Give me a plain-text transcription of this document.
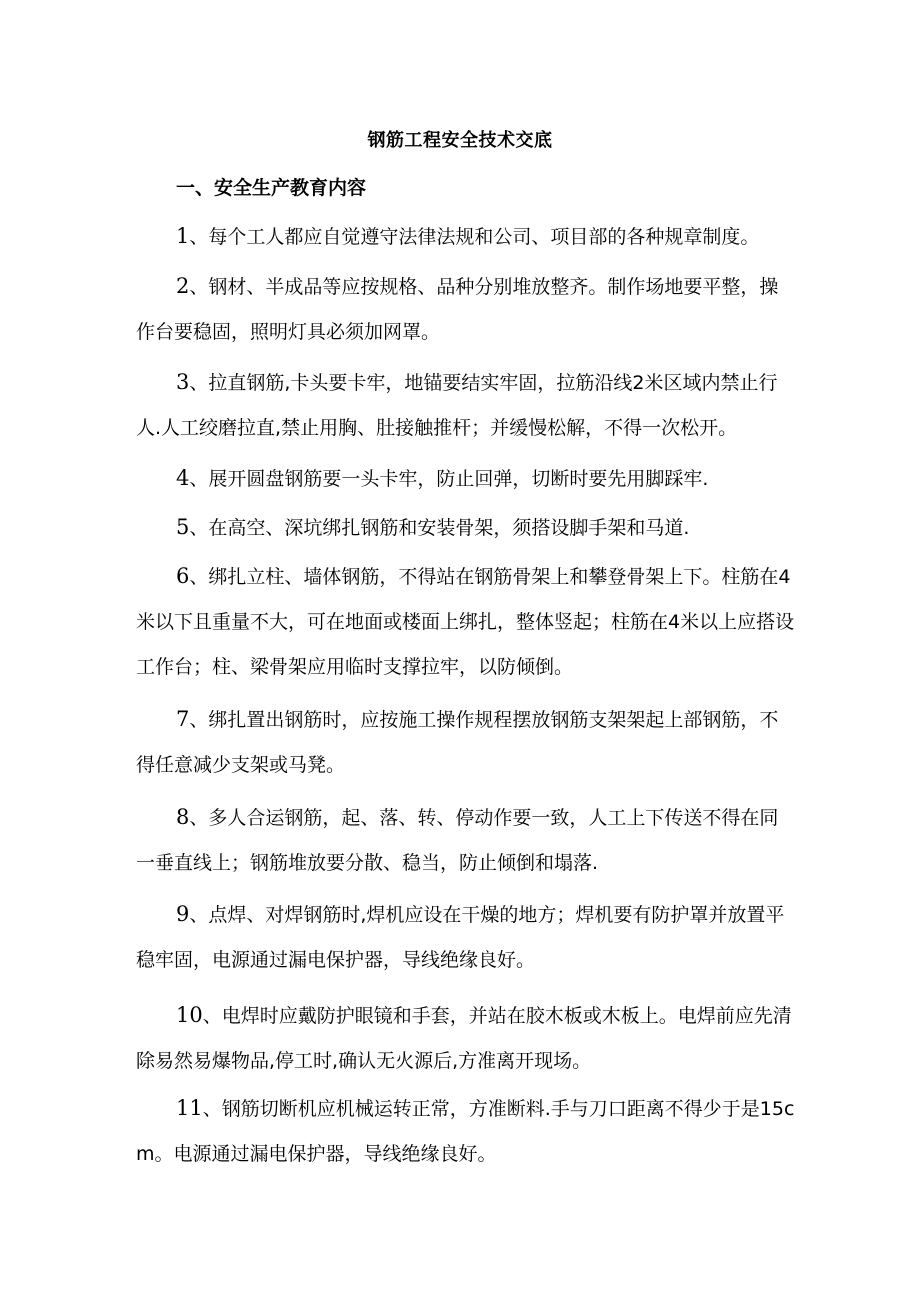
钢筋工程安全技术交底
一、安全生产教育内容
1、每个工人都应自觉遵守法律法规和公司、项目部的各种规章制度。
2、钢材、半成品等应按规格、品种分别堆放整齐。制作场地要平整，操作台要稳固，照明灯具必须加网罩。
3、拉直钢筋,卡头要卡牢，地锚要结实牢固，拉筋沿线2米区域内禁止行人.人工绞磨拉直,禁止用胸、肚接触推杆；并缓慢松解，不得一次松开。
4、展开圆盘钢筋要一头卡牢，防止回弹，切断时要先用脚踩牢.
5、在高空、深坑绑扎钢筋和安装骨架，须搭设脚手架和马道.
6、绑扎立柱、墙体钢筋，不得站在钢筋骨架上和攀登骨架上下。柱筋在4米以下且重量不大，可在地面或楼面上绑扎，整体竖起；柱筋在4米以上应搭设工作台；柱、梁骨架应用临时支撑拉牢，以防倾倒。
7、绑扎置出钢筋时，应按施工操作规程摆放钢筋支架架起上部钢筋，不得任意减少支架或马凳。
8、多人合运钢筋，起、落、转、停动作要一致，人工上下传送不得在同一垂直线上；钢筋堆放要分散、稳当，防止倾倒和塌落.
9、点焊、对焊钢筋时,焊机应设在干燥的地方；焊机要有防护罩并放置平稳牢固，电源通过漏电保护器，导线绝缘良好。
10、电焊时应戴防护眼镜和手套，并站在胶木板或木板上。电焊前应先清除易然易爆物品,停工时,确认无火源后,方准离开现场。
11、钢筋切断机应机械运转正常，方准断料.手与刀口距离不得少于是15cm。电源通过漏电保护器，导线绝缘良好。
